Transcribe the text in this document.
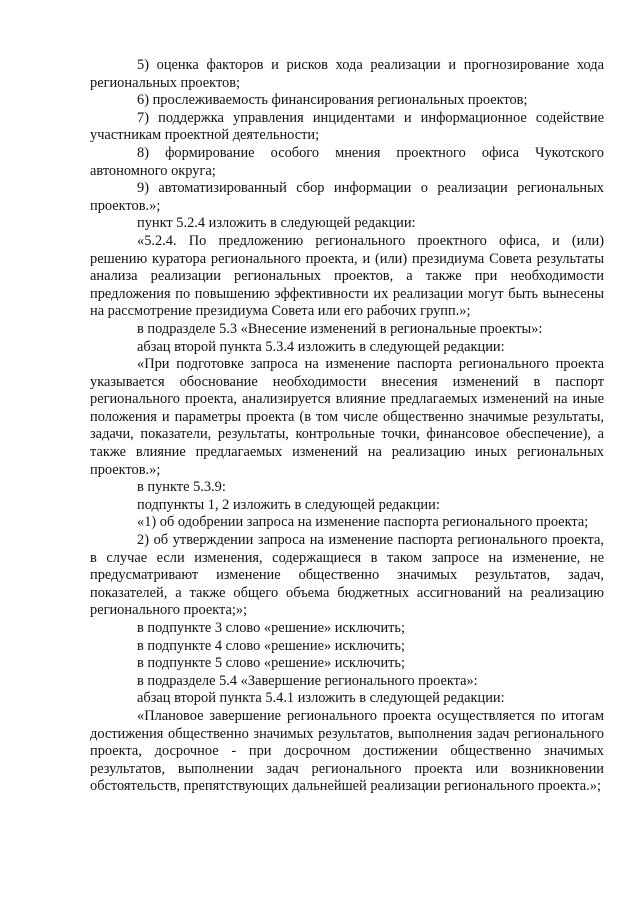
5) оценка факторов и рисков хода реализации и прогнозирование хода региональных проектов;

6) прослеживаемость финансирования региональных проектов;

7) поддержка управления инцидентами и информационное содействие участникам проектной деятельности;

8) формирование особого мнения проектного офиса Чукотского автономного округа;

9) автоматизированный сбор информации о реализации региональных проектов.»;

пункт 5.2.4 изложить в следующей редакции:

«5.2.4. По предложению регионального проектного офиса, и (или) решению куратора регионального проекта, и (или) президиума Совета результаты анализа реализации региональных проектов, а также при необходимости предложения по повышению эффективности их реализации могут быть вынесены на рассмотрение президиума Совета или его рабочих групп.»;

в подразделе 5.3 «Внесение изменений в региональные проекты»:

абзац второй пункта 5.3.4 изложить в следующей редакции:

«При подготовке запроса на изменение паспорта регионального проекта указывается обоснование необходимости внесения изменений в паспорт регионального проекта, анализируется влияние предлагаемых изменений на иные положения и параметры проекта (в том числе общественно значимые результаты, задачи, показатели, результаты, контрольные точки, финансовое обеспечение), а также влияние предлагаемых изменений на реализацию иных региональных проектов.»;

в пункте 5.3.9:

подпункты 1, 2 изложить в следующей редакции:

«1) об одобрении запроса на изменение паспорта регионального проекта;

2) об утверждении запроса на изменение паспорта регионального проекта, в случае если изменения, содержащиеся в таком запросе на изменение, не предусматривают изменение общественно значимых результатов, задач, показателей, а также общего объема бюджетных ассигнований на реализацию регионального проекта;»;

в подпункте 3 слово «решение» исключить;

в подпункте 4 слово «решение» исключить;

в подпункте 5 слово «решение» исключить;

в подразделе 5.4 «Завершение регионального проекта»:

абзац второй пункта 5.4.1 изложить в следующей редакции:

«Плановое завершение регионального проекта осуществляется по итогам достижения общественно значимых результатов, выполнения задач регионального проекта, досрочное - при досрочном достижении общественно значимых результатов, выполнении задач регионального проекта или возникновении обстоятельств, препятствующих дальнейшей реализации регионального проекта.»;
